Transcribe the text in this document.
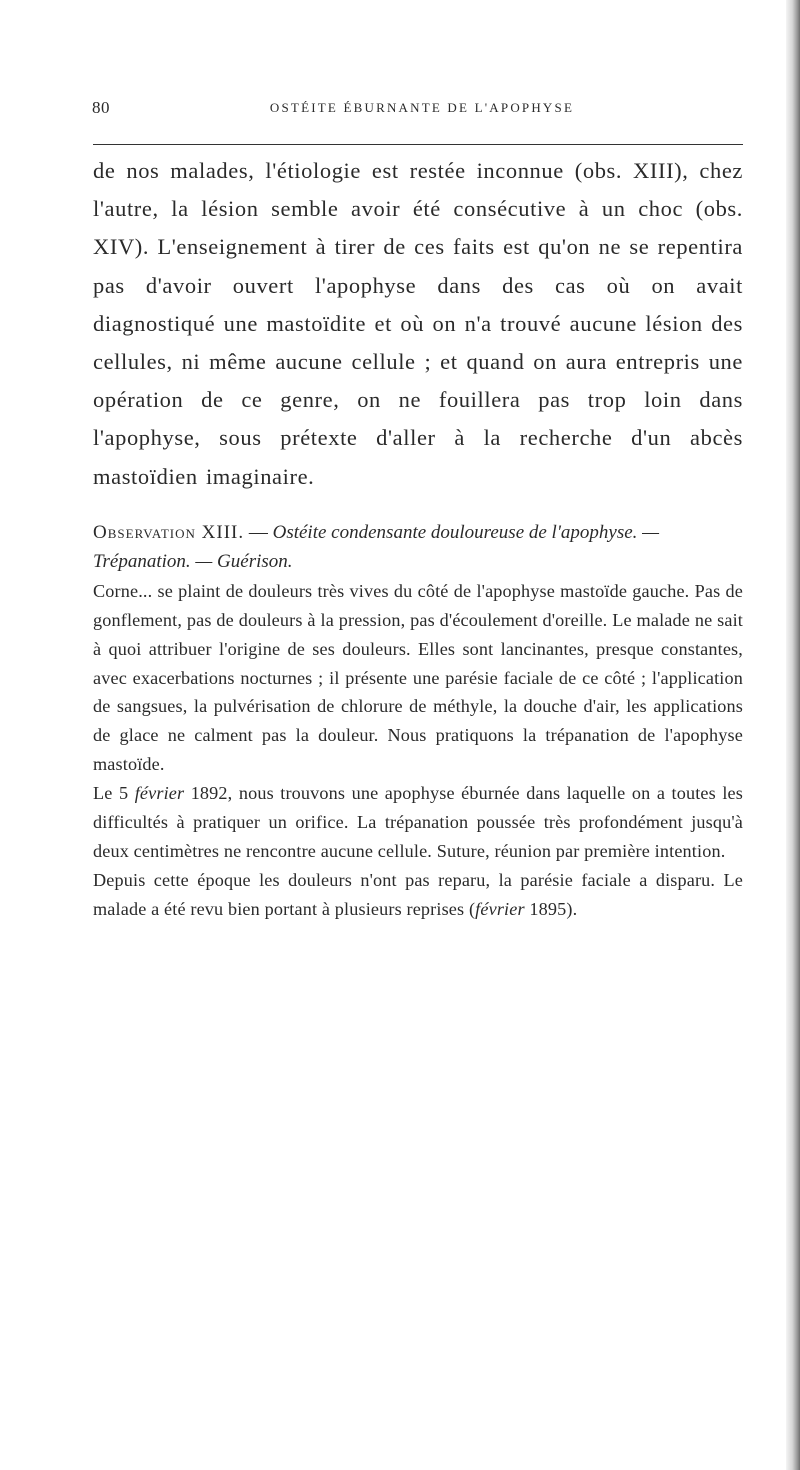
80	OSTÉITE ÉBURNANTE DE L'APOPHYSE

de nos malades, l'étiologie est restée inconnue (obs. XIII), chez l'autre, la lésion semble avoir été consécutive à un choc (obs. XIV). L'enseignement à tirer de ces faits est qu'on ne se repentira pas d'avoir ouvert l'apophyse dans des cas où on avait diagnostiqué une mastoïdite et où on n'a trouvé aucune lésion des cellules, ni même aucune cellule ; et quand on aura entrepris une opération de ce genre, on ne fouillera pas trop loin dans l'apophyse, sous prétexte d'aller à la recherche d'un abcès mastoïdien imaginaire.

Observation XIII. — Ostéite condensante douloureuse de l'apophyse. — Trépanation. — Guérison.

Corne... se plaint de douleurs très vives du côté de l'apophyse mastoïde gauche. Pas de gonflement, pas de douleurs à la pression, pas d'écoulement d'oreille. Le malade ne sait à quoi attribuer l'origine de ses douleurs. Elles sont lancinantes, presque constantes, avec exacerbations nocturnes ; il présente une parésie faciale de ce côté ; l'application de sangsues, la pulvérisation de chlorure de méthyle, la douche d'air, les applications de glace ne calment pas la douleur. Nous pratiquons la trépanation de l'apophyse mastoïde.

Le 5 février 1892, nous trouvons une apophyse éburnée dans laquelle on a toutes les difficultés à pratiquer un orifice. La trépanation poussée très profondément jusqu'à deux centimètres ne rencontre aucune cellule. Suture, réunion par première intention.

Depuis cette époque les douleurs n'ont pas reparu, la parésie faciale a disparu. Le malade a été revu bien portant à plusieurs reprises (février 1895).
